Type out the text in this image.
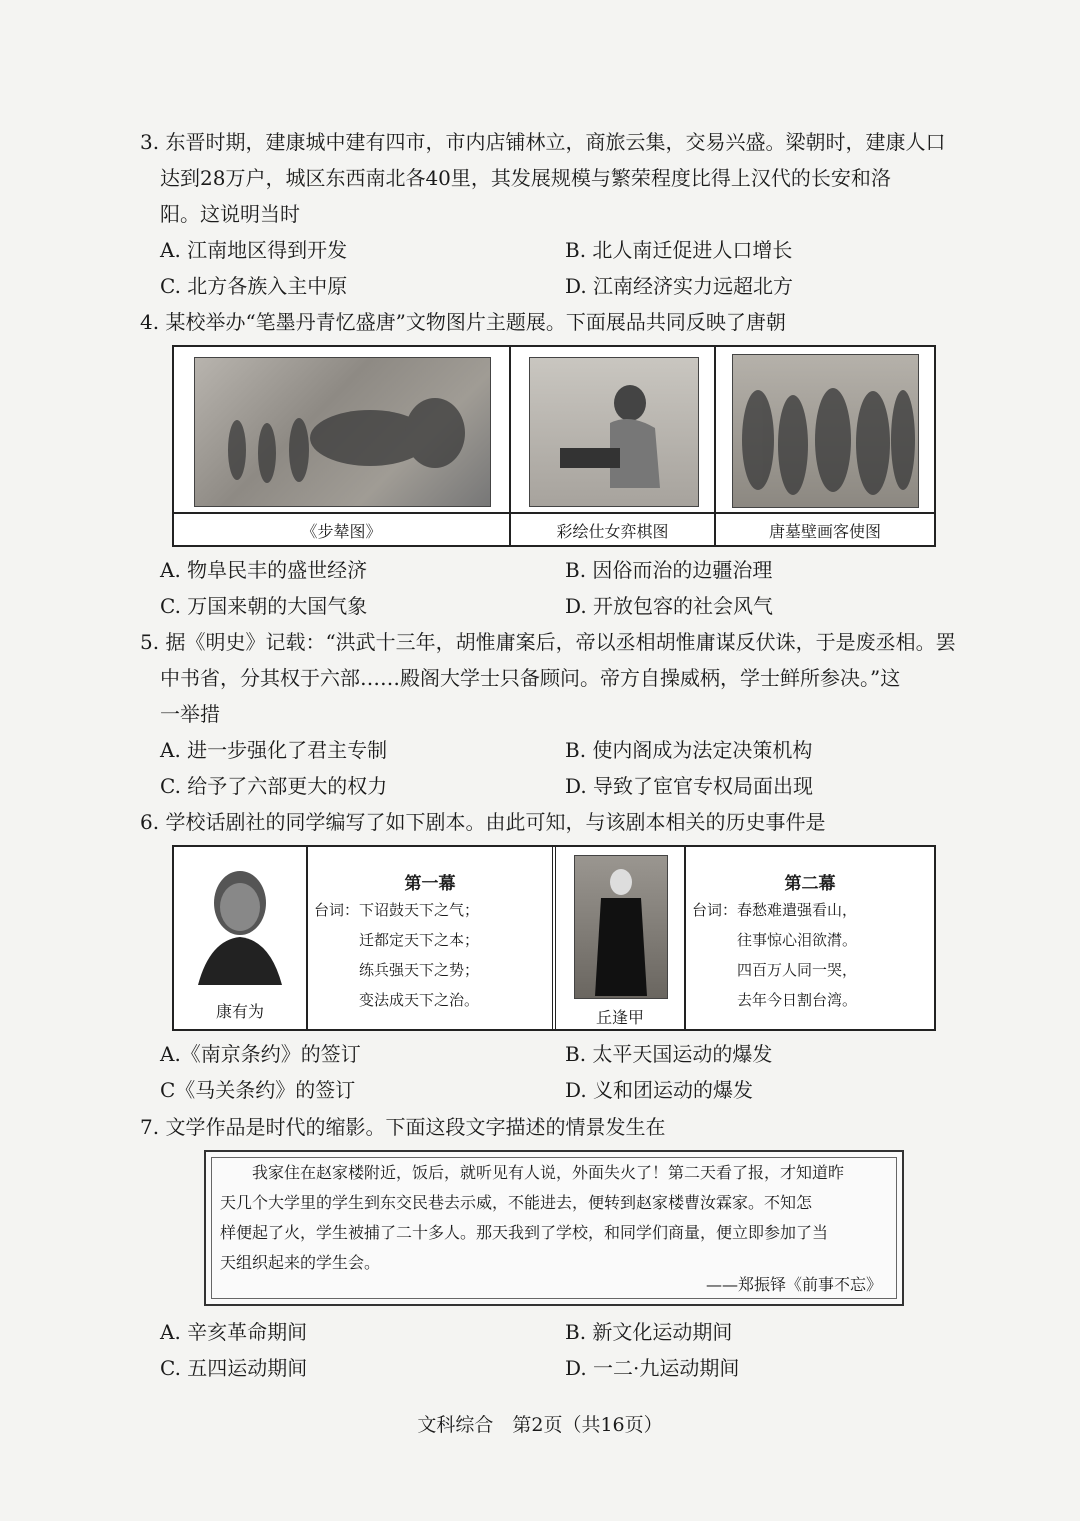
3. 东晋时期，建康城中建有四市，市内店铺林立，商旅云集，交易兴盛。梁朝时，建康人口
达到28万户，城区东西南北各40里，其发展规模与繁荣程度比得上汉代的长安和洛
阳。这说明当时
A. 江南地区得到开发	B. 北人南迁促进人口增长
C. 北方各族入主中原	D. 江南经济实力远超北方
4. 某校举办“笔墨丹青忆盛唐”文物图片主题展。下面展品共同反映了唐朝
《步辇图》	彩绘仕女弈棋图	唐墓壁画客使图
A. 物阜民丰的盛世经济	B. 因俗而治的边疆治理
C. 万国来朝的大国气象	D. 开放包容的社会风气
5. 据《明史》记载：“洪武十三年，胡惟庸案后，帝以丞相胡惟庸谋反伏诛，于是废丞相。罢
中书省，分其权于六部……殿阁大学士只备顾问。帝方自操威柄，学士鲜所参决。”这
一举措
A. 进一步强化了君主专制	B. 使内阁成为法定决策机构
C. 给予了六部更大的权力	D. 导致了宦官专权局面出现
6. 学校话剧社的同学编写了如下剧本。由此可知，与该剧本相关的历史事件是
康有为
第一幕
台词：下诏鼓天下之气；
迁都定天下之本；
练兵强天下之势；
变法成天下之治。
丘逢甲
第二幕
台词：春愁难遣强看山，
往事惊心泪欲潸。
四百万人同一哭，
去年今日割台湾。
A.《南京条约》的签订	B. 太平天国运动的爆发
C《马关条约》的签订	D. 义和团运动的爆发
7. 文学作品是时代的缩影。下面这段文字描述的情景发生在
我家住在赵家楼附近，饭后，就听见有人说，外面失火了！第二天看了报，才知道昨
天几个大学里的学生到东交民巷去示威，不能进去，便转到赵家楼曹汝霖家。不知怎
样便起了火，学生被捕了二十多人。那天我到了学校，和同学们商量，便立即参加了当
天组织起来的学生会。
——郑振铎《前事不忘》
A. 辛亥革命期间	B. 新文化运动期间
C. 五四运动期间	D. 一二·九运动期间
文科综合　第2页（共16页）
